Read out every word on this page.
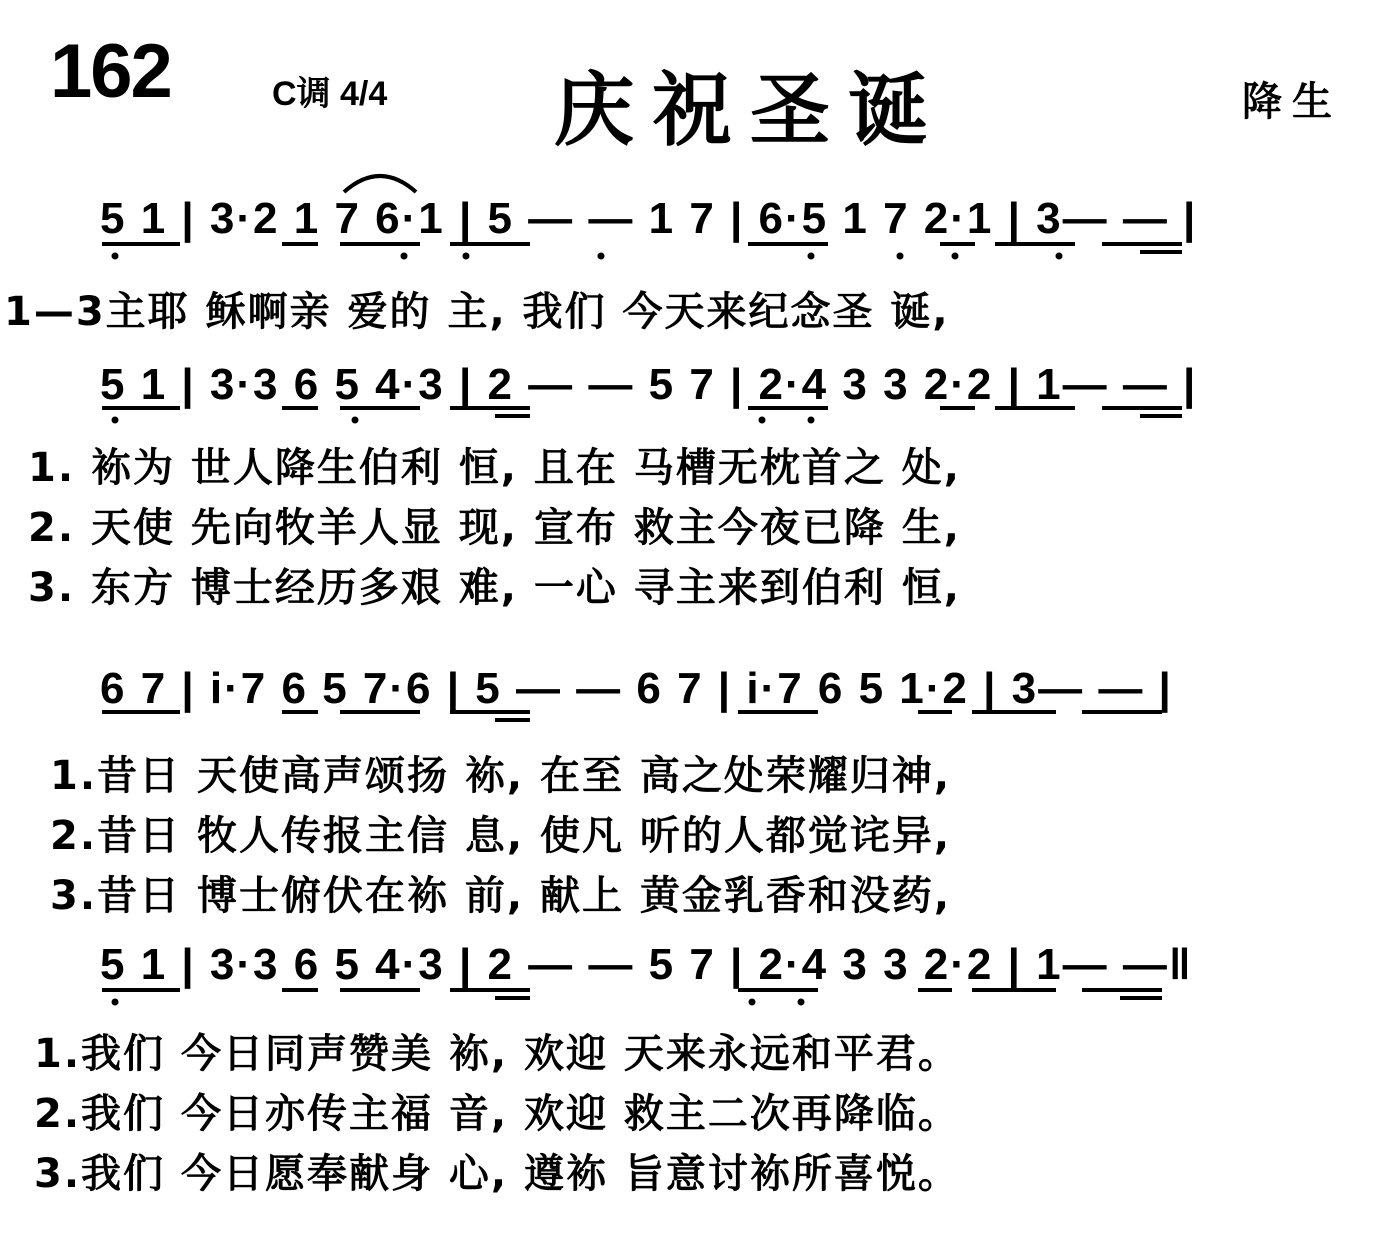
162	C调 4/4 庆祝圣诞	降生
5 1 | 3·2 1 7 6·1 | 5 — — 1 7 | 6·5 1 7 2·1 | 3— — |
1—3主耶 稣啊亲 爱的 主, 我们 今天来纪念圣 诞,
5 1 | 3·3 6 5 4·3 | 2 — — 5 7 | 2·4 3 3 2·2 | 1— — |
1. 袮为 世人降生伯利 恒, 且在 马槽无枕首之 处,
2. 天使 先向牧羊人显 现, 宣布 救主今夜已降 生,
3. 东方 博士经历多艰 难, 一心 寻主来到伯利 恒,
6 7 | i·7 6 5 7·6 | 5 — — 6 7 | i·7 6 5 1·2 | 3— — |
1.昔日 天使高声颂扬 袮, 在至 高之处荣耀归神,
2.昔日 牧人传报主信 息, 使凡 听的人都觉诧异,
3.昔日 博士俯伏在袮 前, 献上 黄金乳香和没药,
5 1 | 3·3 6 5 4·3 | 2 — — 5 7 | 2·4 3 3 2·2 | 1— —‖
1.我们 今日同声赞美 袮, 欢迎 天来永远和平君。
2.我们 今日亦传主福 音, 欢迎 救主二次再降临。
3.我们 今日愿奉献身 心, 遵袮 旨意讨袮所喜悦。
